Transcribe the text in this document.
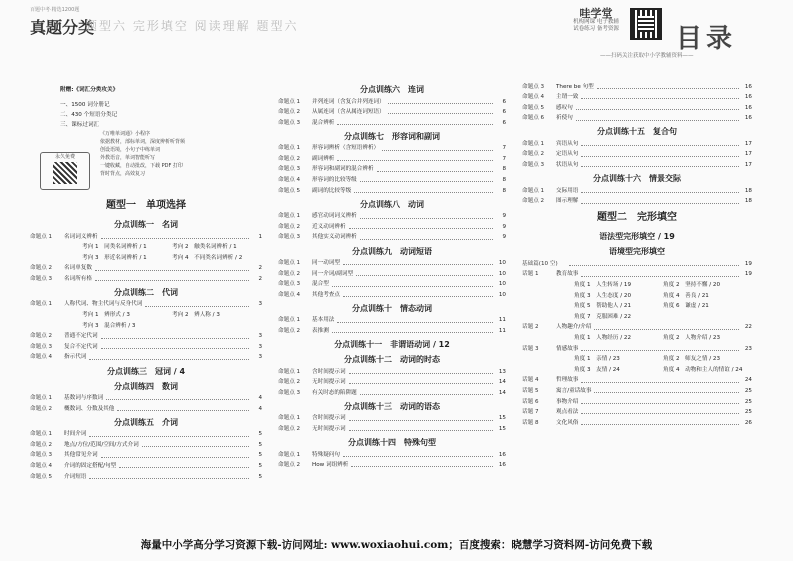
百题中考·精选1200题
真题分类
题型六 完形填空 阅读理解 题型六
哇学堂
机构网课 电子教辅
试卷练习 备考资源	目录
——扫码关注获取中小学教辅资料——
附赠:《词汇分类攻关》
一、1500 词分册记
二、430 个短语分类记
三、课标过词汇
永久免费
《万唯单词通》小程序
依据教材，部标单词，深度辨析听背频
创设语境，小句子中练单词
外教语音，单词智能听写
一键收藏，自动批改，下载 PDF 打印
背时背点，高效复习
题型一　单项选择
分点训练一　名词
命题点 1	名词词义辨析	1
考向 1　同类名词辨析 / 1	考向 2　触类名词辨析 / 1
考向 3　形近名词辨析 / 1	考向 4　不同类名词辨析 / 2
命题点 2	名词单复数	2
命题点 3	名词所有格	2
分点训练二　代词
命题点 1	人称代词、物主代词与反身代词	3
考向 1　辨形式 / 3	考向 2　辨人称 / 3
考向 3　混合辨析 / 3
命题点 2	普通不定代词	3
命题点 3	复合不定代词	3
命题点 4	指示代词	3
分点训练三　冠词 / 4
分点训练四　数词
命题点 1	基数词与序数词	4
命题点 2	概数词、分数及其他	4
分点训练五　介词
命题点 1	时间介词	5
命题点 2	地点/方位/范围/空间/方式介词	5
命题点 3	其他常见介词	5
命题点 4	介词的固定搭配/句型	5
命题点 5	介词短语	5
分点训练六　连词
命题点 1	并列连词（含复合并列连词）	6
命题点 2	从属连词（含从属连词短语）	6
命题点 3	混合辨析	6
分点训练七　形容词和副词
命题点 1	形容词辨析（含短语辨析）	7
命题点 2	副词辨析	7
命题点 3	形容词和副词的混合辨析	8
命题点 4	形容词的比较等级	8
命题点 5	副词的比较等级	8
分点训练八　动词
命题点 1	感官动词词义辨析	9
命题点 2	近义动词辨析	9
命题点 3	其他实义动词辨析	9
分点训练九　动词短语
命题点 1	同一动词型	10
命题点 2	同一介词/副词型	10
命题点 3	混合型	10
命题点 4	其他考查点	10
分点训练十　情态动词
命题点 1	基本用法	11
命题点 2	表推测	11
分点训练十一　非谓语动词 / 12
分点训练十二　动词的时态
命题点 1	含时间提示词	13
命题点 2	无时间提示词	14
命题点 3	有关时态的陷阱题	14
分点训练十三　动词的语态
命题点 1	含时间提示词	15
命题点 2	无时间提示词	15
分点训练十四　特殊句型
命题点 1	特殊疑问句	16
命题点 2	How 词组辨析	16
命题点 3	There be 句型	16
命题点 4	主谓一致	16
命题点 5	感叹句	16
命题点 6	祈使句	16
分点训练十五　复合句
命题点 1	宾语从句	17
命题点 2	定语从句	17
命题点 3	状语从句	17
分点训练十六　情景交际
命题点 1	交际用语	18
命题点 2	图示理解	18
题型二　完形填空
语法型完形填空 / 19
语境型完形填空
基础篇(10 空)	19
话题 1	教育故事	19
角度 1　人生转场 / 19	角度 2　坚持不懈 / 20
角度 3　人生态度 / 20	角度 4　善良 / 21
角度 5　帮助他人 / 21	角度 6　谦虚 / 21
角度 7　克服困难 / 22
话题 2	人物趣介/介绍	22
角度 1　人物经历 / 22	角度 2　人物介绍 / 23
话题 3	情感故事	23
角度 1　亲情 / 23	角度 2　师友之情 / 23
角度 3　友情 / 24	角度 4　动物和主人的情谊 / 24
话题 4	哲理故事	24
话题 5	寓言/童话故事	25
话题 6	事物介绍	25
话题 7	观点看法	25
话题 8	文化风俗	26
海量中小学高分学习资源下载-访问网址: www.woxiaohui.com；百度搜索：晓慧学习资料网-访问免费下载
